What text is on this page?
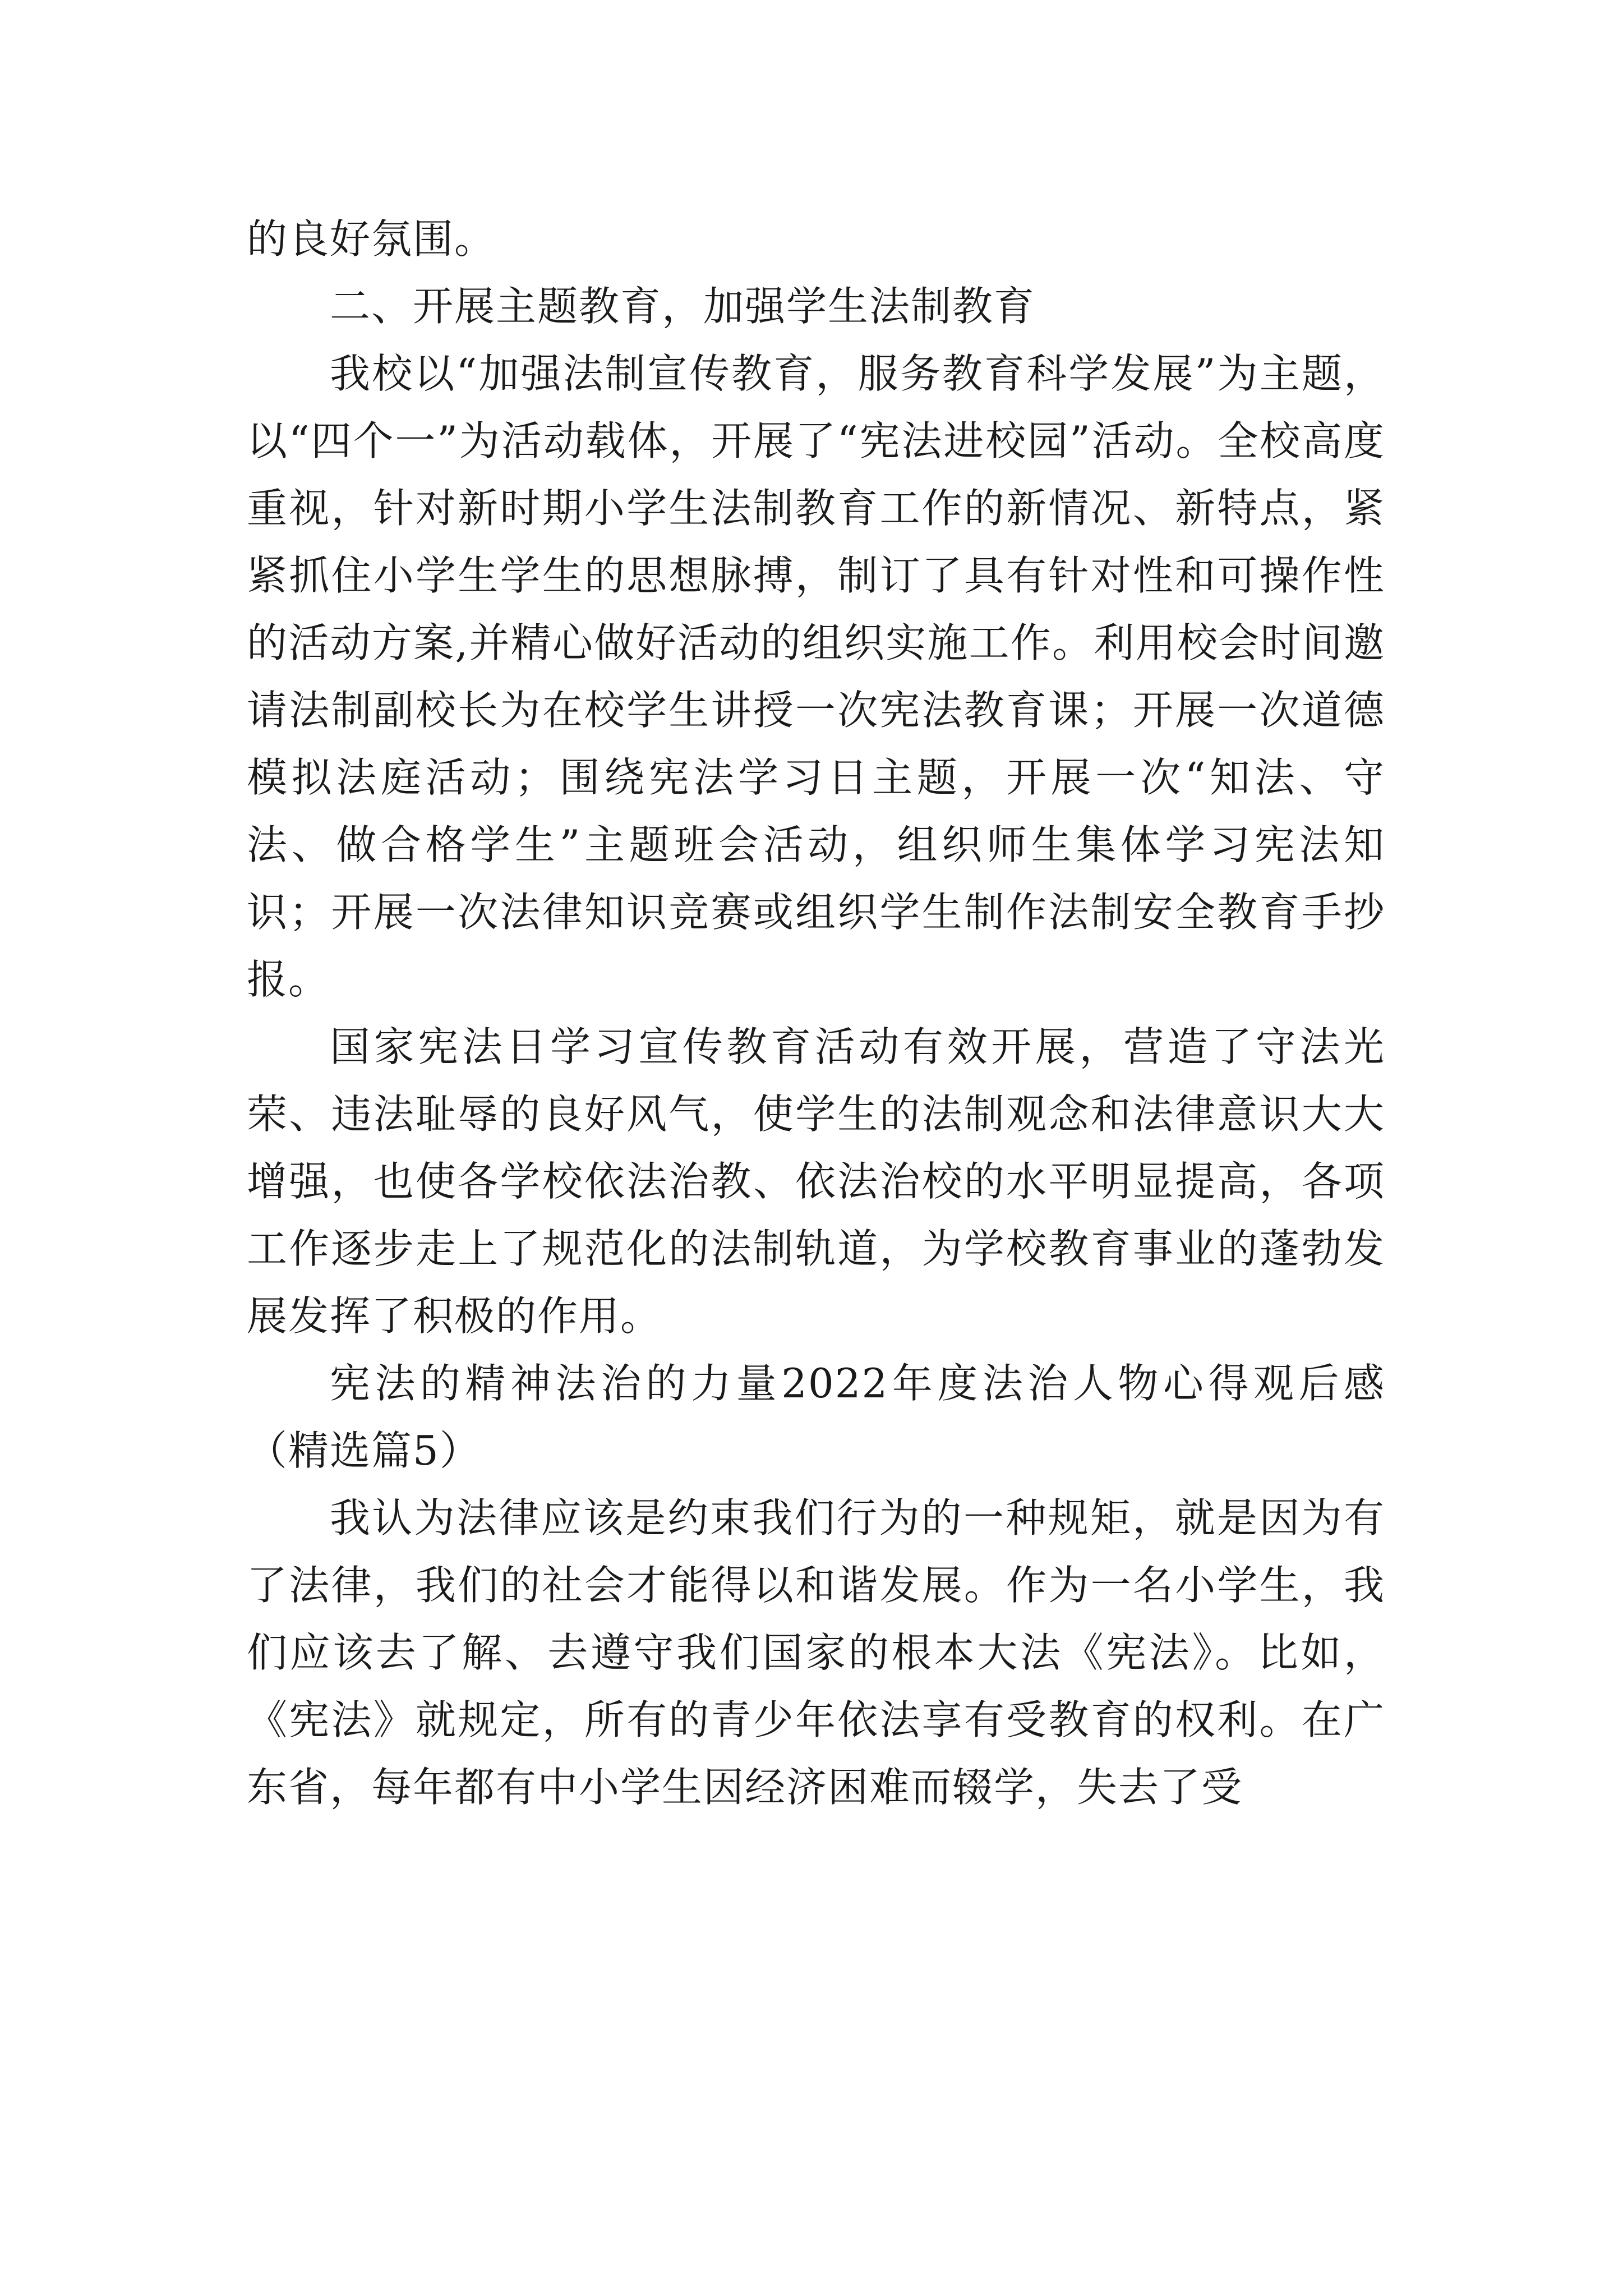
的良好氛围。

二、开展主题教育，加强学生法制教育

我校以“加强法制宣传教育，服务教育科学发展”为主题，以“四个一”为活动载体，开展了“宪法进校园”活动。全校高度重视，针对新时期小学生法制教育工作的新情况、新特点，紧紧抓住小学生学生的思想脉搏，制订了具有针对性和可操作性的活动方案,并精心做好活动的组织实施工作。利用校会时间邀请法制副校长为在校学生讲授一次宪法教育课；开展一次道德模拟法庭活动；围绕宪法学习日主题，开展一次“知法、守法、做合格学生”主题班会活动，组织师生集体学习宪法知识；开展一次法律知识竞赛或组织学生制作法制安全教育手抄报。

国家宪法日学习宣传教育活动有效开展，营造了守法光荣、违法耻辱的良好风气，使学生的法制观念和法律意识大大增强，也使各学校依法治教、依法治校的水平明显提高，各项工作逐步走上了规范化的法制轨道，为学校教育事业的蓬勃发展发挥了积极的作用。

宪法的精神法治的力量2022年度法治人物心得观后感（精选篇5）

我认为法律应该是约束我们行为的一种规矩，就是因为有了法律，我们的社会才能得以和谐发展。作为一名小学生，我们应该去了解、去遵守我们国家的根本大法《宪法》。比如，《宪法》就规定，所有的青少年依法享有受教育的权利。在广东省，每年都有中小学生因经济困难而辍学，失去了受
